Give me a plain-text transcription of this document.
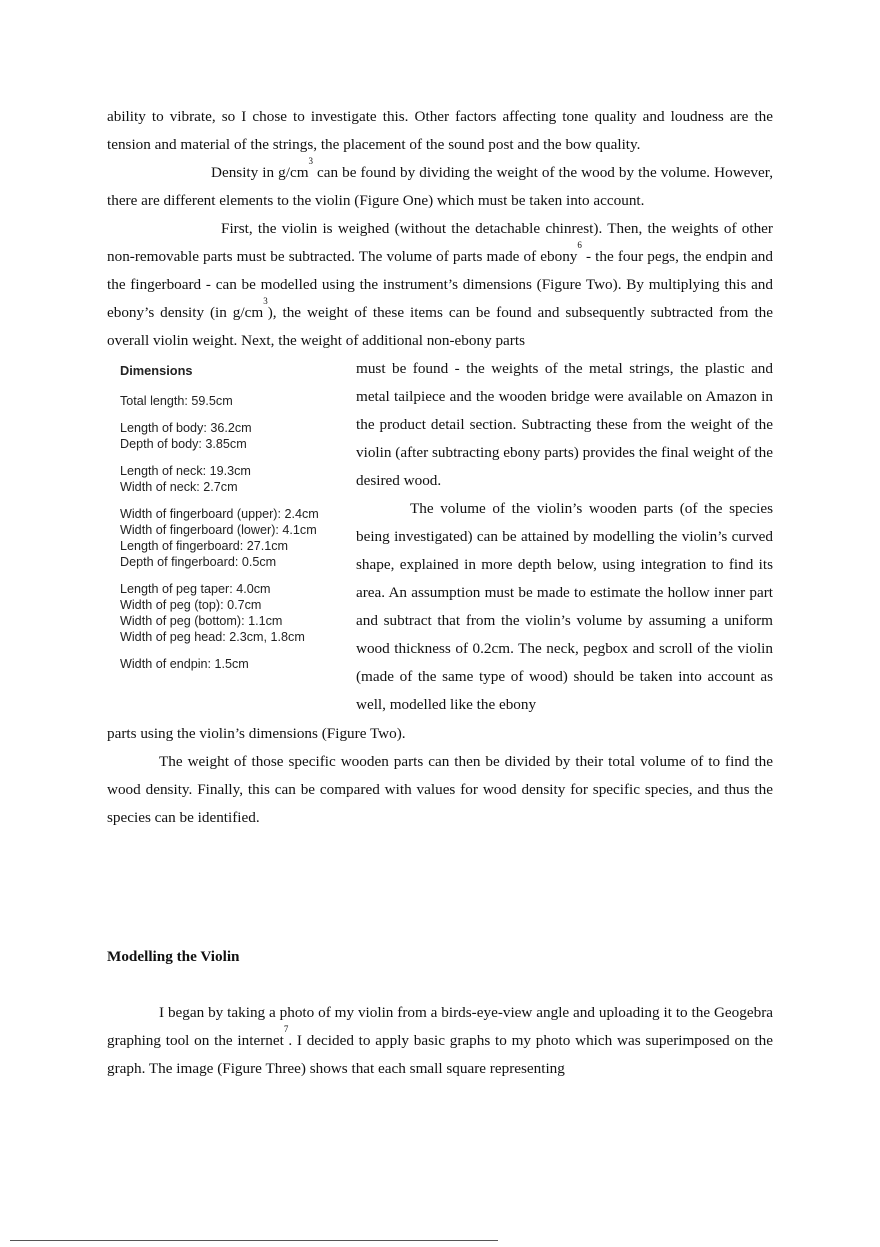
ability to vibrate, so I chose to investigate this. Other factors affecting tone quality and loudness are the tension and material of the strings, the placement of the sound post and the bow quality.

Density in $g/cm^3$ can be found by dividing the weight of the wood by the volume. However, there are different elements to the violin (Figure One) which must be taken into account.

First, the violin is weighed (without the detachable chinrest). Then, the weights of other non-removable parts must be subtracted. The volume of parts made of ebony$^6$ - the four pegs, the endpin and the fingerboard - can be modelled using the instrument’s dimensions (Figure Two). By multiplying this and ebony’s density (in $g/cm^3$), the weight of these items can be found and subsequently subtracted from the overall violin weight. Next, the weight of additional non-ebony parts

Dimensions
Total length: 59.5cm
Length of body: 36.2cm
Depth of body: 3.85cm
Length of neck: 19.3cm
Width of neck: 2.7cm
Width of fingerboard (upper): 2.4cm
Width of fingerboard (lower): 4.1cm
Length of fingerboard: 27.1cm
Depth of fingerboard: 0.5cm
Length of peg taper: 4.0cm
Width of peg (top): 0.7cm
Width of peg (bottom): 1.1cm
Width of peg head: 2.3cm, 1.8cm
Width of endpin: 1.5cm

must be found - the weights of the metal strings, the plastic and metal tailpiece and the wooden bridge were available on Amazon in the product detail section. Subtracting these from the weight of the violin (after subtracting ebony parts) provides the final weight of the desired wood.

The volume of the violin’s wooden parts (of the species being investigated) can be attained by modelling the violin’s curved shape, explained in more depth below, using integration to find its area. An assumption must be made to estimate the hollow inner part and subtract that from the violin’s volume by assuming a uniform wood thickness of 0.2cm. The neck, pegbox and scroll of the violin (made of the same type of wood) should be taken into account as well, modelled like the ebony

parts using the violin’s dimensions (Figure Two).

The weight of those specific wooden parts can then be divided by their total volume of to find the wood density. Finally, this can be compared with values for wood density for specific species, and thus the species can be identified.

Modelling the Violin

I began by taking a photo of my violin from a birds-eye-view angle and uploading it to the Geogebra graphing tool on the internet$^7$. I decided to apply basic graphs to my photo which was superimposed on the graph. The image (Figure Three) shows that each small square representing
